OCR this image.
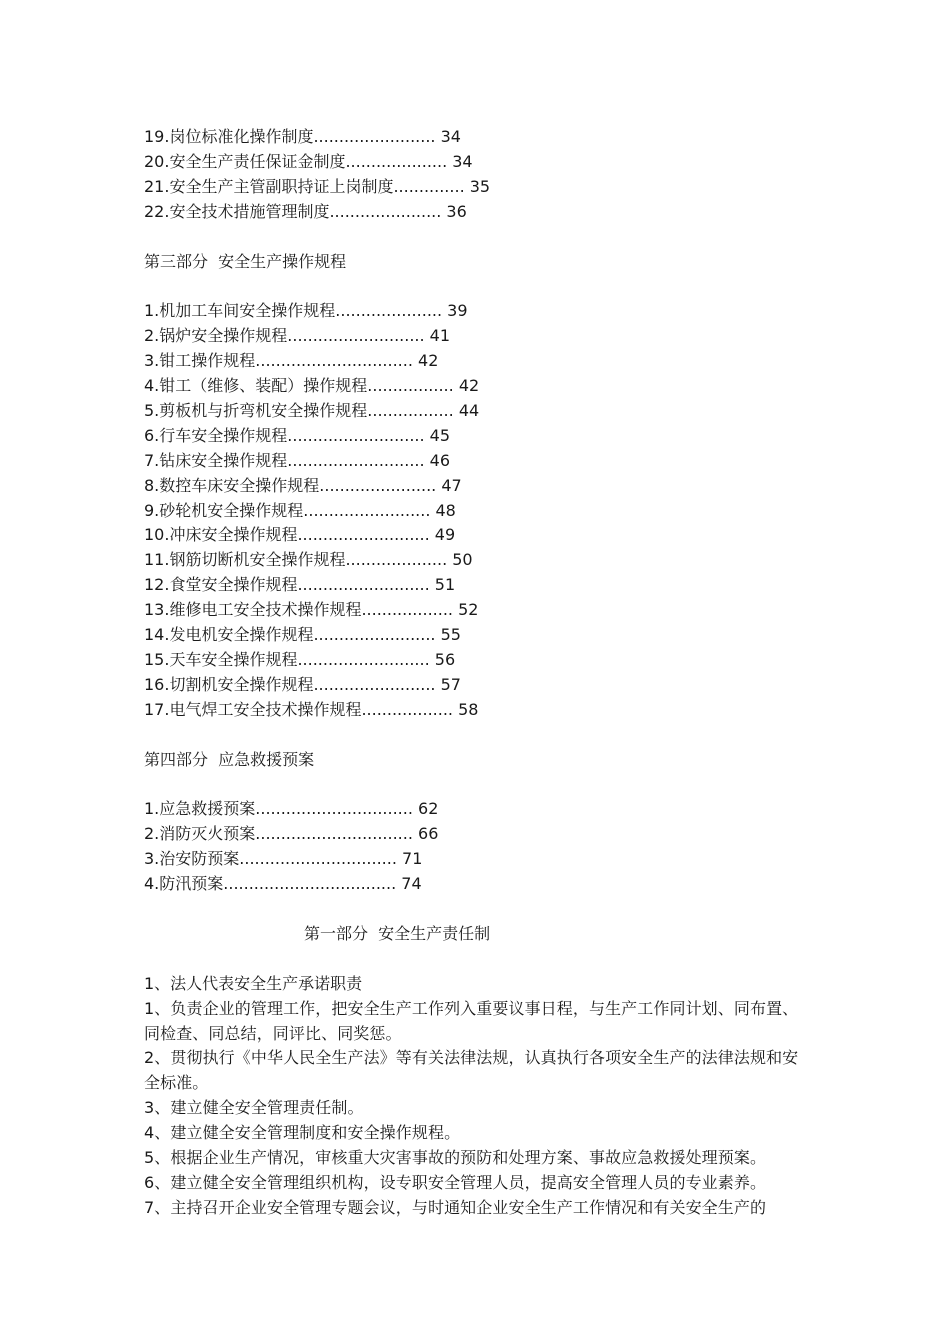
19.岗位标准化操作制度........................ 34
20.安全生产责任保证金制度.................... 34
21.安全生产主管副职持证上岗制度.............. 35
22.安全技术措施管理制度...................... 36
第三部分  安全生产操作规程
1.机加工车间安全操作规程..................... 39
2.锅炉安全操作规程........................... 41
3.钳工操作规程............................... 42
4.钳工（维修、装配）操作规程................. 42
5.剪板机与折弯机安全操作规程................. 44
6.行车安全操作规程........................... 45
7.钻床安全操作规程........................... 46
8.数控车床安全操作规程....................... 47
9.砂轮机安全操作规程......................... 48
10.冲床安全操作规程.......................... 49
11.钢筋切断机安全操作规程.................... 50
12.食堂安全操作规程.......................... 51
13.维修电工安全技术操作规程.................. 52
14.发电机安全操作规程........................ 55
15.天车安全操作规程.......................... 56
16.切割机安全操作规程........................ 57
17.电气焊工安全技术操作规程.................. 58
第四部分  应急救援预案
1.应急救援预案............................... 62
2.消防灭火预案............................... 66
3.治安防预案............................... 71
4.防汛预案.................................. 74
第一部分  安全生产责任制
1、法人代表安全生产承诺职责
1、负责企业的管理工作，把安全生产工作列入重要议事日程，与生产工作同计划、同布置、同检查、同总结，同评比、同奖惩。
2、贯彻执行《中华人民全生产法》等有关法律法规，认真执行各项安全生产的法律法规和安全标准。
3、建立健全安全管理责任制。
4、建立健全安全管理制度和安全操作规程。
5、根据企业生产情况，审核重大灾害事故的预防和处理方案、事故应急救援处理预案。
6、建立健全安全管理组织机构，设专职安全管理人员，提高安全管理人员的专业素养。
7、主持召开企业安全管理专题会议，与时通知企业安全生产工作情况和有关安全生产的
